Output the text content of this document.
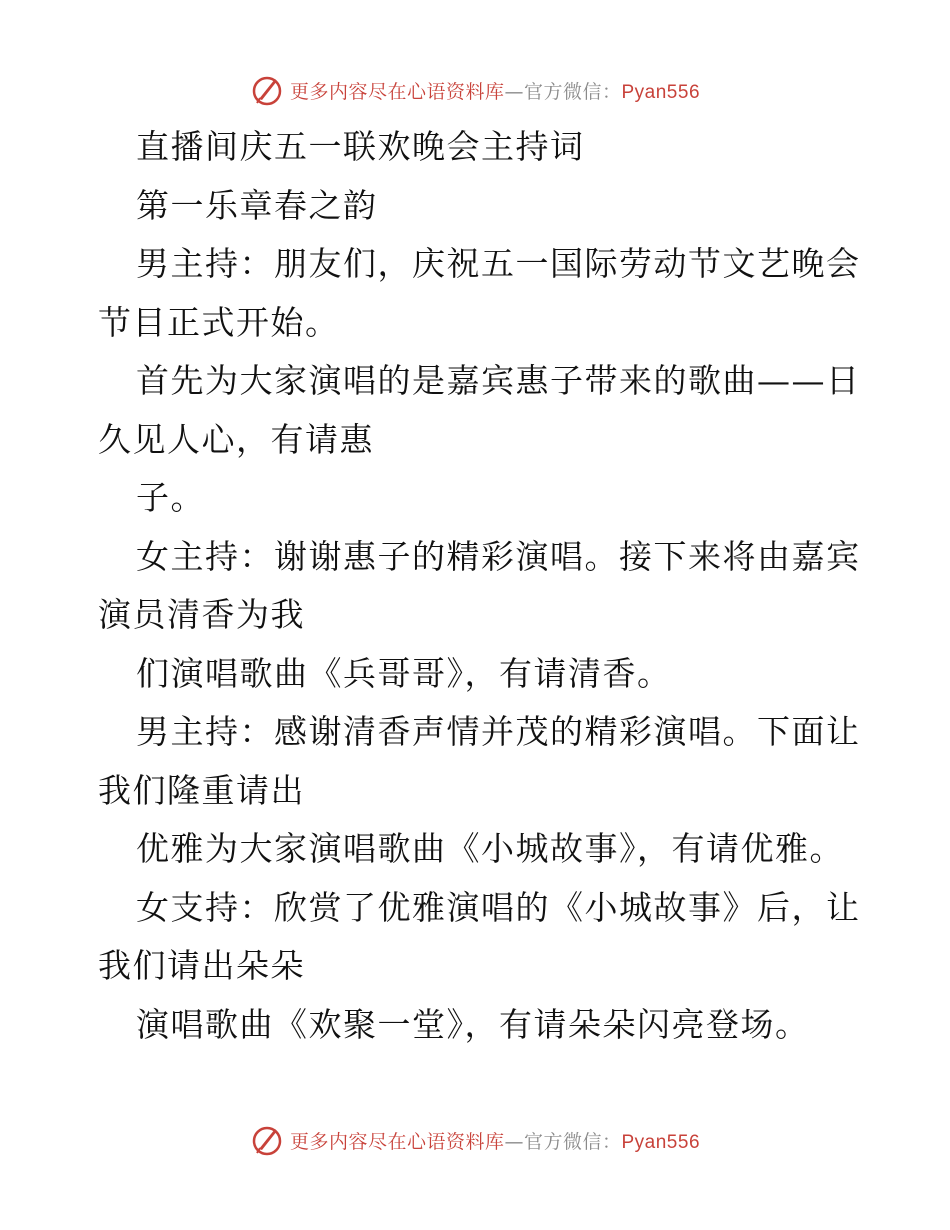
更多内容尽在心语资料库—官方微信：Pyan556
直播间庆五一联欢晚会主持词
第一乐章春之韵
男主持：朋友们，庆祝五一国际劳动节文艺晚会
节目正式开始。
首先为大家演唱的是嘉宾惠子带来的歌曲——日
久见人心，有请惠
子。
女主持：谢谢惠子的精彩演唱。接下来将由嘉宾
演员清香为我
们演唱歌曲《兵哥哥》，有请清香。
男主持：感谢清香声情并茂的精彩演唱。下面让
我们隆重请出
优雅为大家演唱歌曲《小城故事》，有请优雅。
女支持：欣赏了优雅演唱的《小城故事》后，让
我们请出朵朵
演唱歌曲《欢聚一堂》，有请朵朵闪亮登场。
更多内容尽在心语资料库—官方微信：Pyan556
